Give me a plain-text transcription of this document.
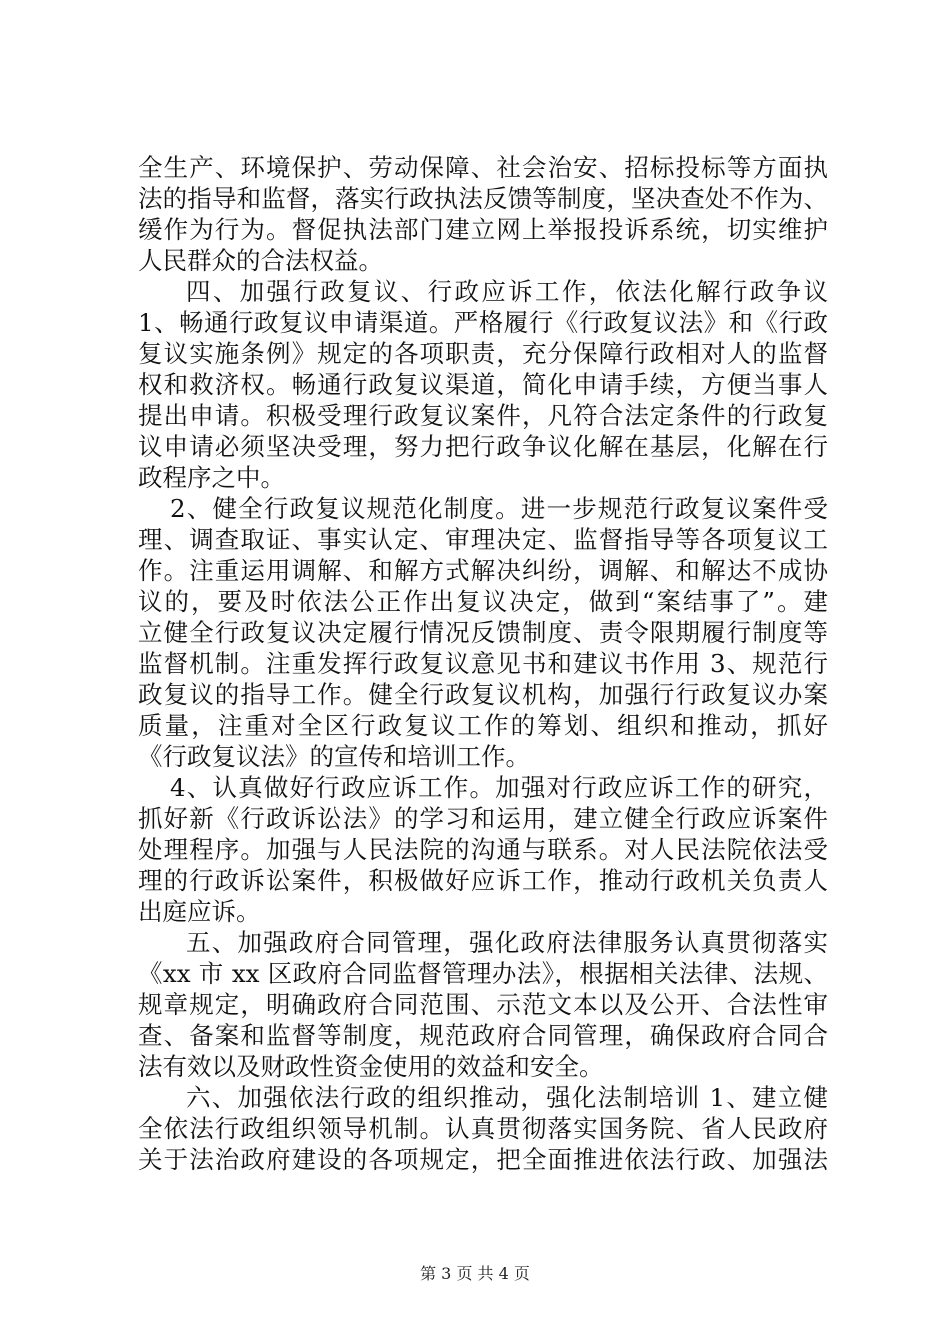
全生产、环境保护、劳动保障、社会治安、招标投标等方面执
法的指导和监督，落实行政执法反馈等制度，坚决查处不作为、
缓作为行为。督促执法部门建立网上举报投诉系统，切实维护
人民群众的合法权益。
四、加强行政复议、行政应诉工作，依法化解行政争议
1、畅通行政复议申请渠道。严格履行《行政复议法》和《行政
复议实施条例》规定的各项职责，充分保障行政相对人的监督
权和救济权。畅通行政复议渠道，简化申请手续，方便当事人
提出申请。积极受理行政复议案件，凡符合法定条件的行政复
议申请必须坚决受理，努力把行政争议化解在基层，化解在行
政程序之中。
2、健全行政复议规范化制度。进一步规范行政复议案件受
理、调查取证、事实认定、审理决定、监督指导等各项复议工
作。注重运用调解、和解方式解决纠纷，调解、和解达不成协
议的，要及时依法公正作出复议决定，做到“案结事了”。建
立健全行政复议决定履行情况反馈制度、责令限期履行制度等
监督机制。注重发挥行政复议意见书和建议书作用 3、规范行
政复议的指导工作。健全行政复议机构，加强行行政复议办案
质量，注重对全区行政复议工作的筹划、组织和推动，抓好
《行政复议法》的宣传和培训工作。
4、认真做好行政应诉工作。加强对行政应诉工作的研究，
抓好新《行政诉讼法》的学习和运用，建立健全行政应诉案件
处理程序。加强与人民法院的沟通与联系。对人民法院依法受
理的行政诉讼案件，积极做好应诉工作，推动行政机关负责人
出庭应诉。
五、加强政府合同管理，强化政府法律服务认真贯彻落实
《xx 市 xx 区政府合同监督管理办法》，根据相关法律、法规、
规章规定，明确政府合同范围、示范文本以及公开、合法性审
查、备案和监督等制度，规范政府合同管理，确保政府合同合
法有效以及财政性资金使用的效益和安全。
六、加强依法行政的组织推动，强化法制培训 1、建立健
全依法行政组织领导机制。认真贯彻落实国务院、省人民政府
关于法治政府建设的各项规定，把全面推进依法行政、加强法
第 3 页 共 4 页
